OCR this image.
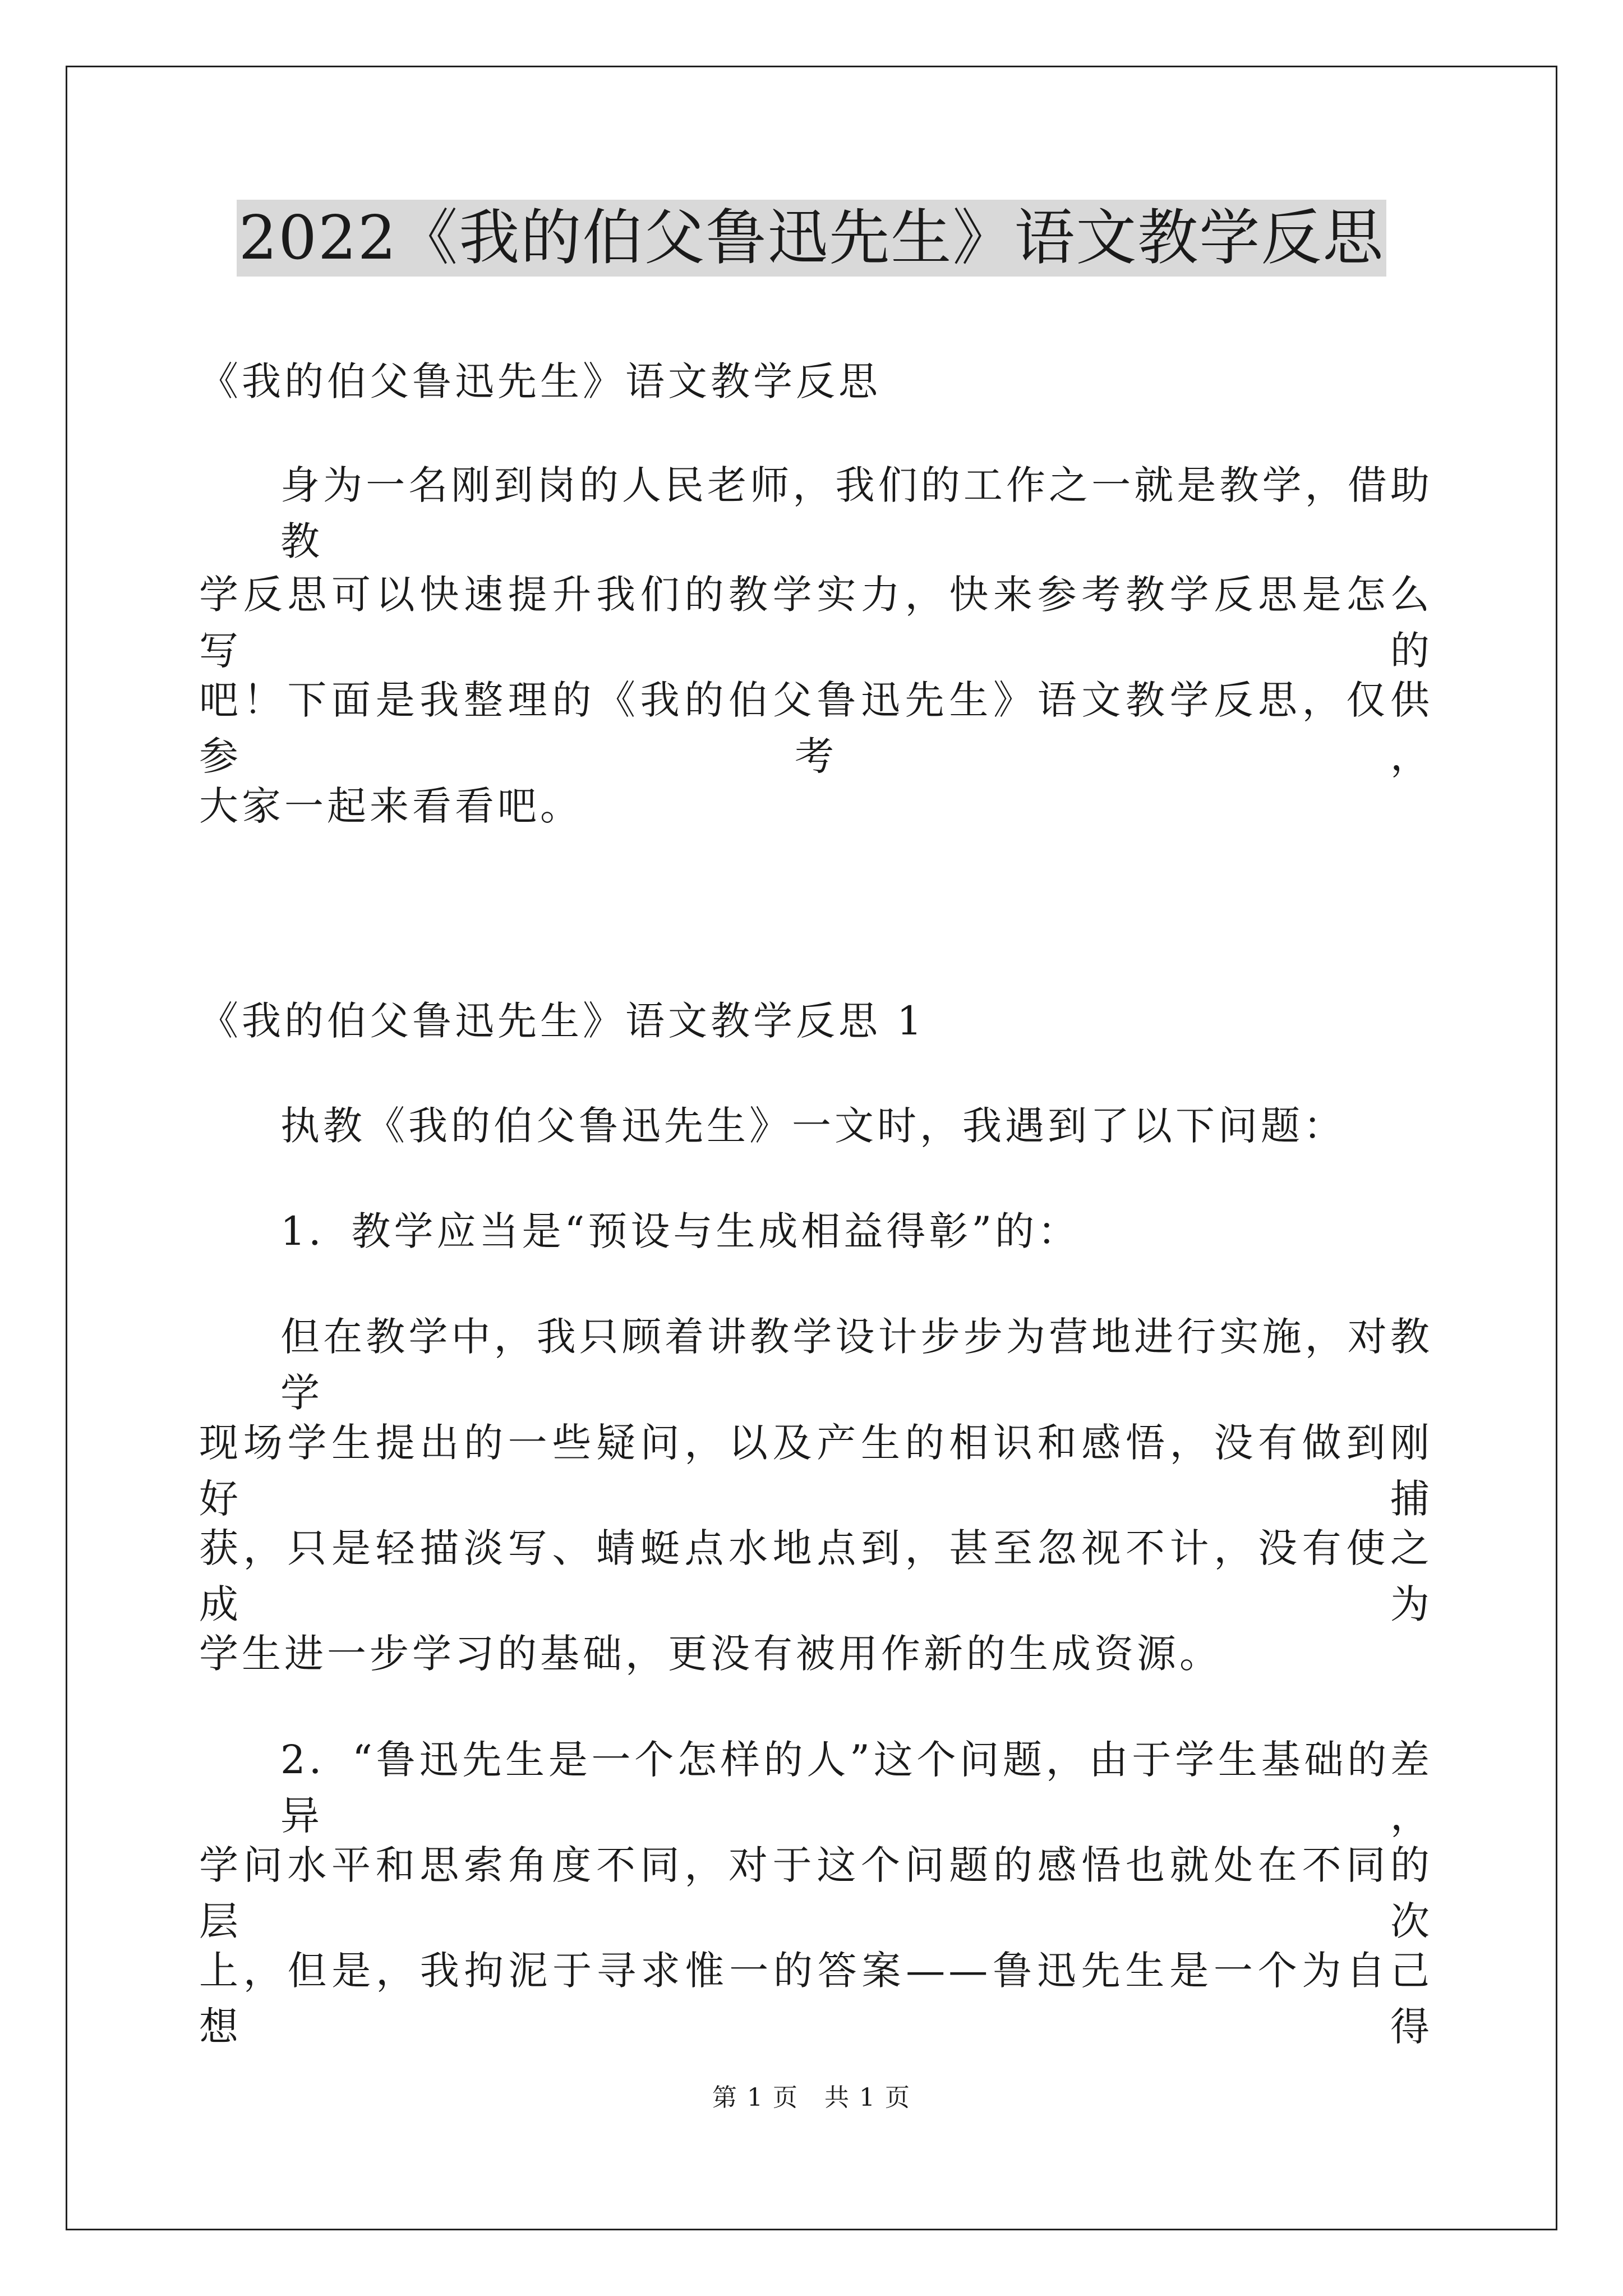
2022《我的伯父鲁迅先生》语文教学反思
《我的伯父鲁迅先生》语文教学反思
身为一名刚到岗的人民老师，我们的工作之一就是教学，借助教
学反思可以快速提升我们的教学实力，快来参考教学反思是怎么写的
吧！下面是我整理的《我的伯父鲁迅先生》语文教学反思，仅供参考，
大家一起来看看吧。
《我的伯父鲁迅先生》语文教学反思 1
执教《我的伯父鲁迅先生》一文时，我遇到了以下问题：
1．教学应当是“预设与生成相益得彰”的：
但在教学中，我只顾着讲教学设计步步为营地进行实施，对教学
现场学生提出的一些疑问，以及产生的相识和感悟，没有做到刚好捕
获，只是轻描淡写、蜻蜓点水地点到，甚至忽视不计，没有使之成为
学生进一步学习的基础，更没有被用作新的生成资源。
2．“鲁迅先生是一个怎样的人”这个问题，由于学生基础的差异，
学问水平和思索角度不同，对于这个问题的感悟也就处在不同的层次
上，但是，我拘泥于寻求惟一的答案——鲁迅先生是一个为自己想得
第 1 页　共 1 页
